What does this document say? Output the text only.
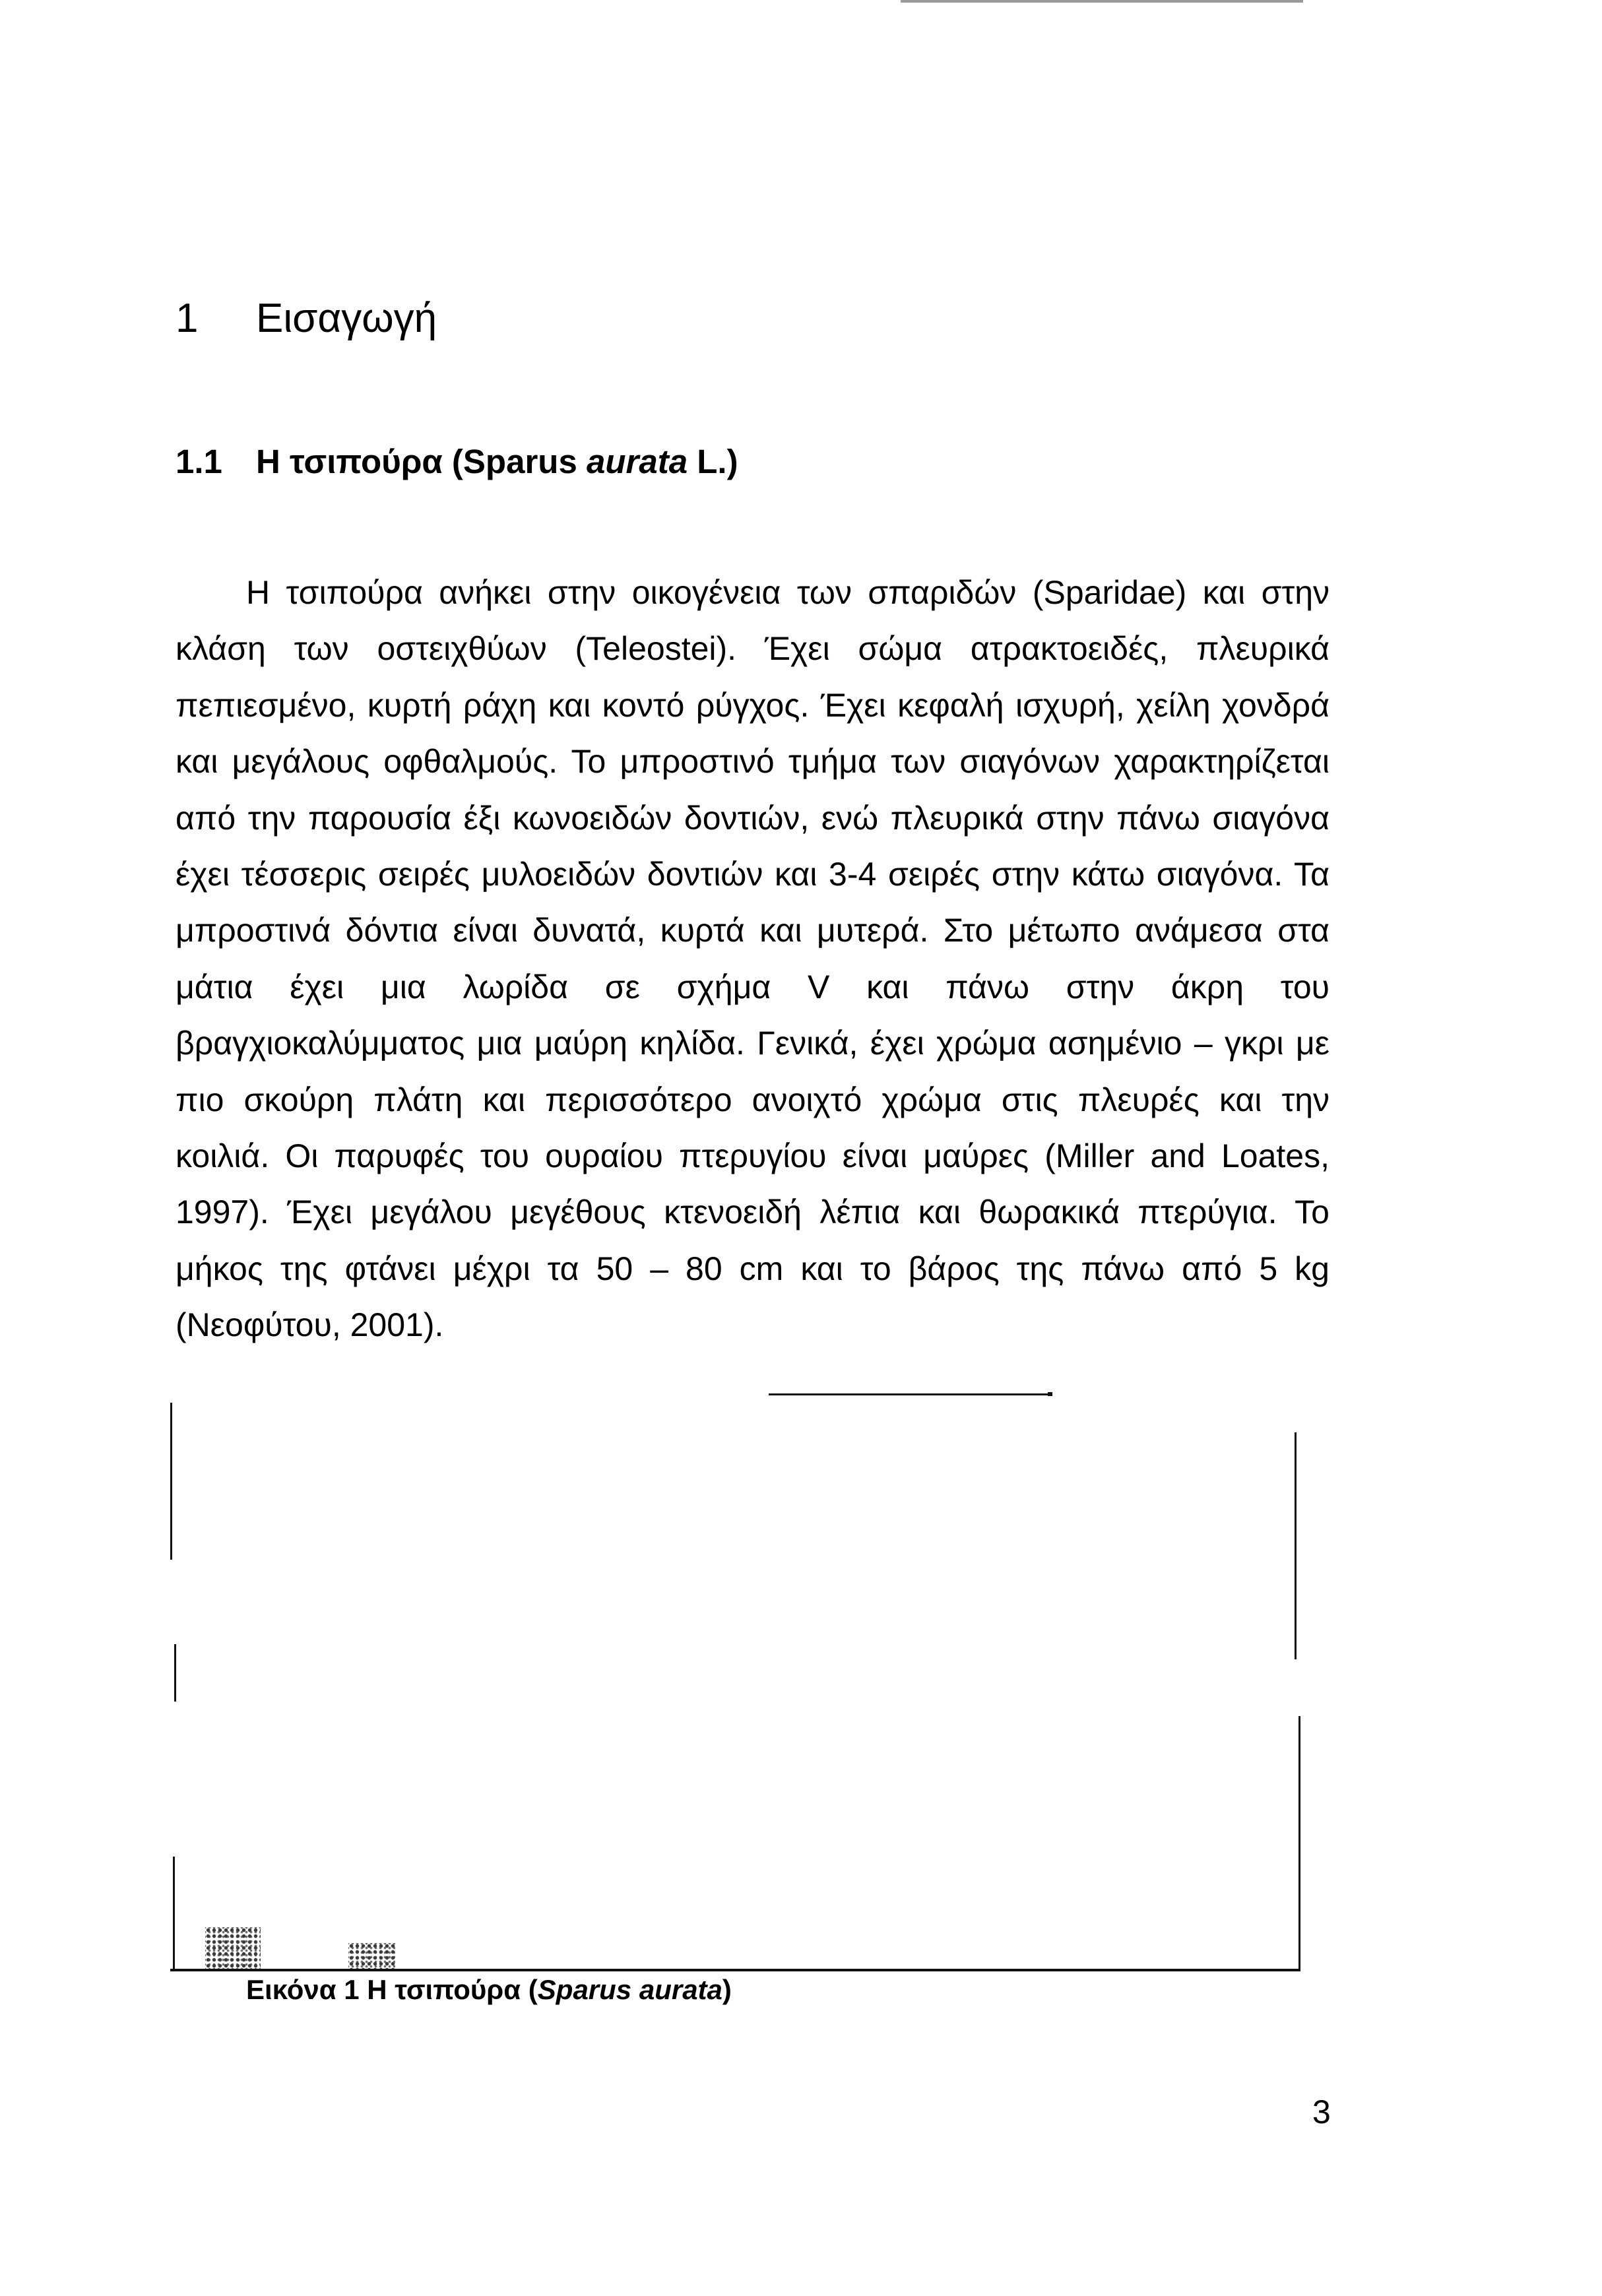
1 Εισαγωγή
1.1 Η τσιπούρα (Sparus aurata L.)
Η τσιπούρα ανήκει στην οικογένεια των σπαριδών (Sparidae) και στην
κλάση των οστειχθύων (Teleostei). Έχει σώμα ατρακτοειδές, πλευρικά
πεπιεσμένο, κυρτή ράχη και κοντό ρύγχος. Έχει κεφαλή ισχυρή, χείλη χονδρά
και μεγάλους οφθαλμούς. Το μπροστινό τμήμα των σιαγόνων χαρακτηρίζεται
από την παρουσία έξι κωνοειδών δοντιών, ενώ πλευρικά στην πάνω σιαγόνα
έχει τέσσερις σειρές μυλοειδών δοντιών και 3-4 σειρές στην κάτω σιαγόνα. Τα
μπροστινά δόντια είναι δυνατά, κυρτά και μυτερά. Στο μέτωπο ανάμεσα στα
μάτια έχει μια λωρίδα σε σχήμα V και πάνω στην άκρη του
βραγχιοκαλύμματος μια μαύρη κηλίδα. Γενικά, έχει χρώμα ασημένιο – γκρι με
πιο σκούρη πλάτη και περισσότερο ανοιχτό χρώμα στις πλευρές και την
κοιλιά. Οι παρυφές του ουραίου πτερυγίου είναι μαύρες (Miller and Loates,
1997). Έχει μεγάλου μεγέθους κτενοειδή λέπια και θωρακικά πτερύγια. Το
μήκος της φτάνει μέχρι τα 50 – 80 cm και το βάρος της πάνω από 5 kg
(Νεοφύτου, 2001).
Εικόνα 1 Η τσιπούρα (Sparus aurata)
3
